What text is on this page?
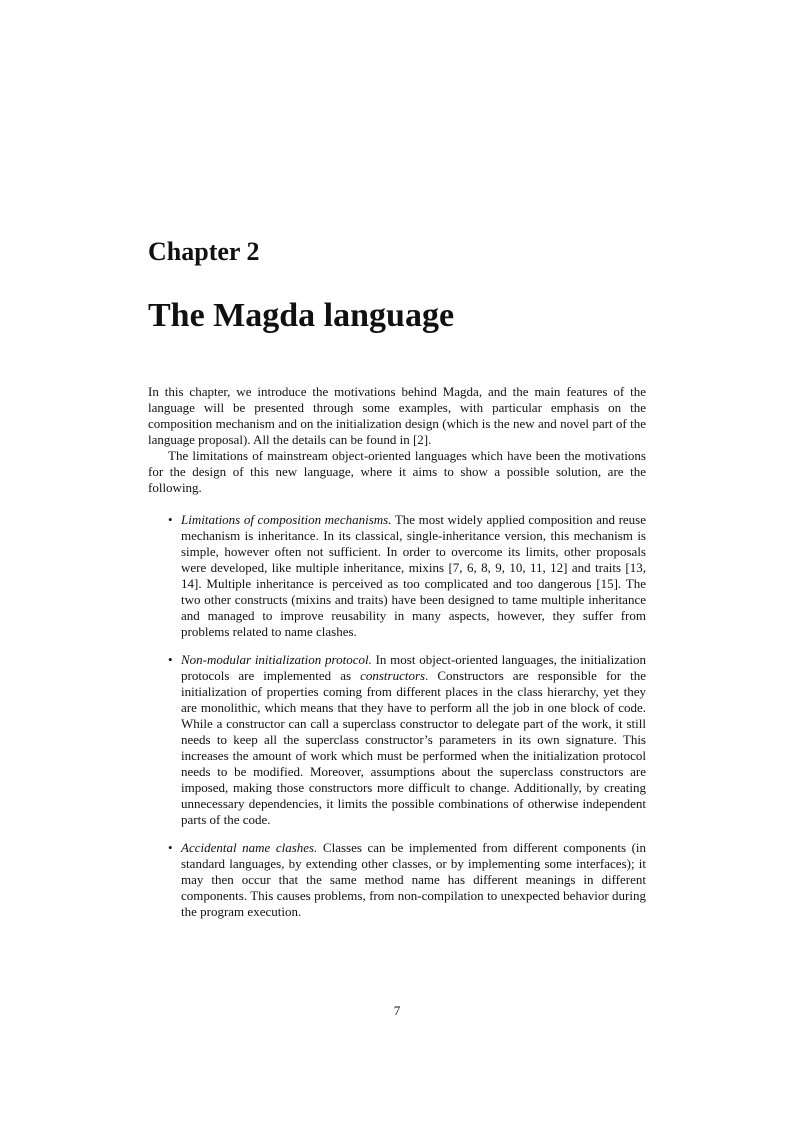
Chapter 2
The Magda language

In this chapter, we introduce the motivations behind Magda, and the main features of the language will be presented through some examples, with particular emphasis on the composition mechanism and on the initialization design (which is the new and novel part of the language proposal). All the details can be found in [2].

The limitations of mainstream object-oriented languages which have been the motivations for the design of this new language, where it aims to show a possible solution, are the following.

• Limitations of composition mechanisms. The most widely applied composition and reuse mechanism is inheritance. In its classical, single-inheritance version, this mechanism is simple, however often not sufficient. In order to overcome its limits, other proposals were developed, like multiple inheritance, mixins [7, 6, 8, 9, 10, 11, 12] and traits [13, 14]. Multiple inheritance is perceived as too complicated and too dangerous [15]. The two other constructs (mixins and traits) have been designed to tame multiple inheritance and managed to improve reusability in many aspects, however, they suffer from problems related to name clashes.
• Non-modular initialization protocol. In most object-oriented languages, the initialization protocols are implemented as constructors. Constructors are responsible for the initialization of properties coming from different places in the class hierarchy, yet they are monolithic, which means that they have to perform all the job in one block of code. While a constructor can call a superclass constructor to delegate part of the work, it still needs to keep all the superclass constructor’s parameters in its own signature. This increases the amount of work which must be performed when the initialization protocol needs to be modified. Moreover, assumptions about the superclass constructors are imposed, making those constructors more difficult to change. Additionally, by creating unnecessary dependencies, it limits the possible combinations of otherwise independent parts of the code.
• Accidental name clashes. Classes can be implemented from different components (in standard languages, by extending other classes, or by implementing some interfaces); it may then occur that the same method name has different meanings in different components. This causes problems, from non-compilation to unexpected behavior during the program execution.
7
